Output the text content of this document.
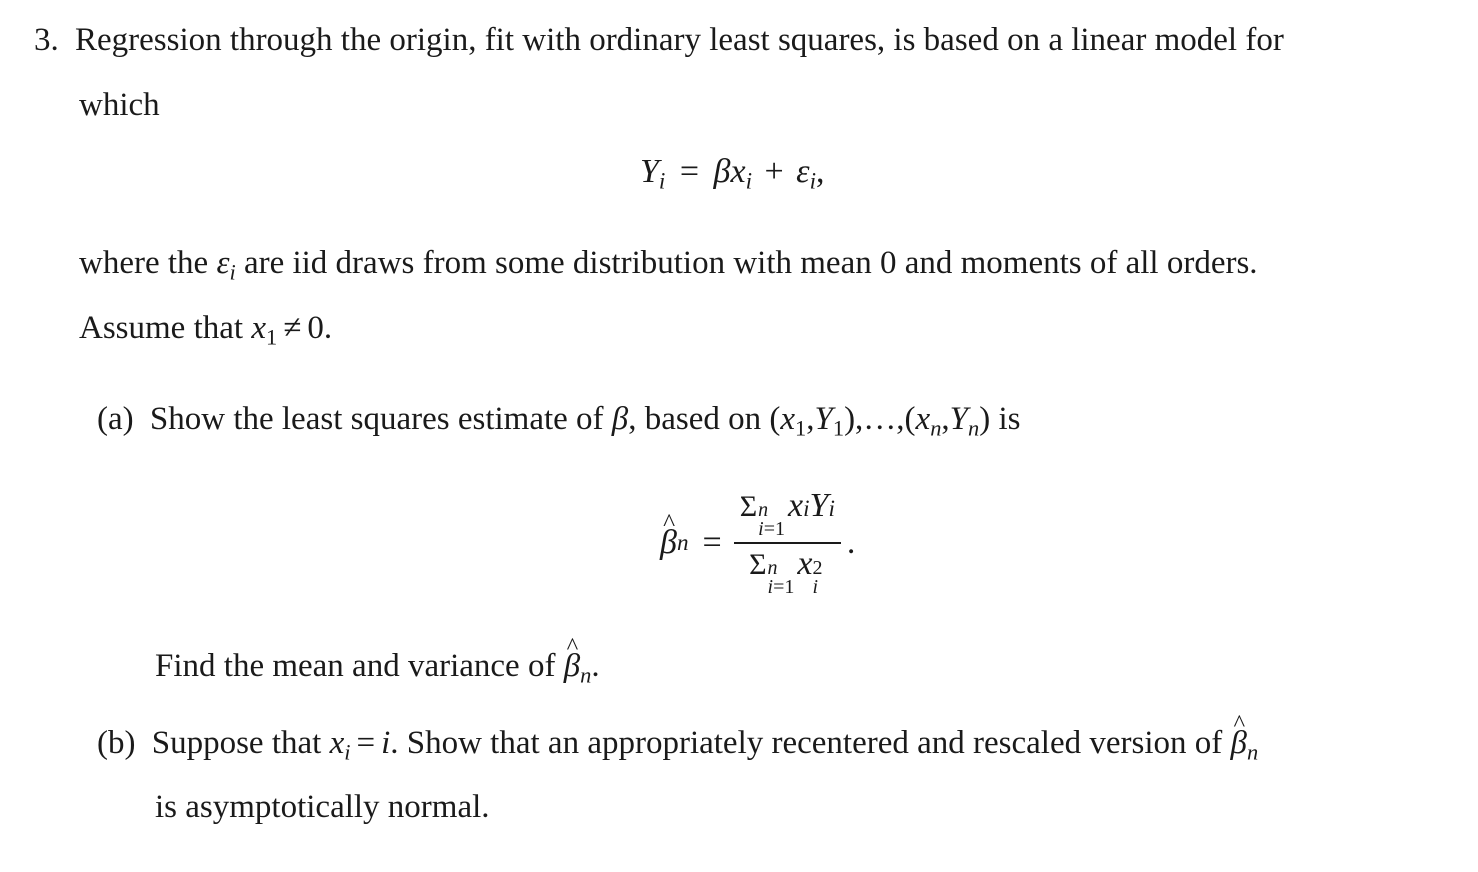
3. Regression through the origin, fit with ordinary least squares, is based on a linear model for
which
$Y_i = \beta x_i + \varepsilon_i$,
where the $\varepsilon_i$ are iid draws from some distribution with mean 0 and moments of all orders.
Assume that $x_1 \ne 0$.
(a) Show the least squares estimate of β, based on $(x_1,Y_1),\dots,(x_n,Y_n)$ is
^ β n = Σ n
i=1
x i Y i
Σ n
i=1
x 2
i .
Find the mean and variance of ^ $\beta_n$.
(b) Suppose that $x_i = i$. Show that an appropriately recentered and rescaled version of ^ $\beta_n$
is asymptotically normal.
